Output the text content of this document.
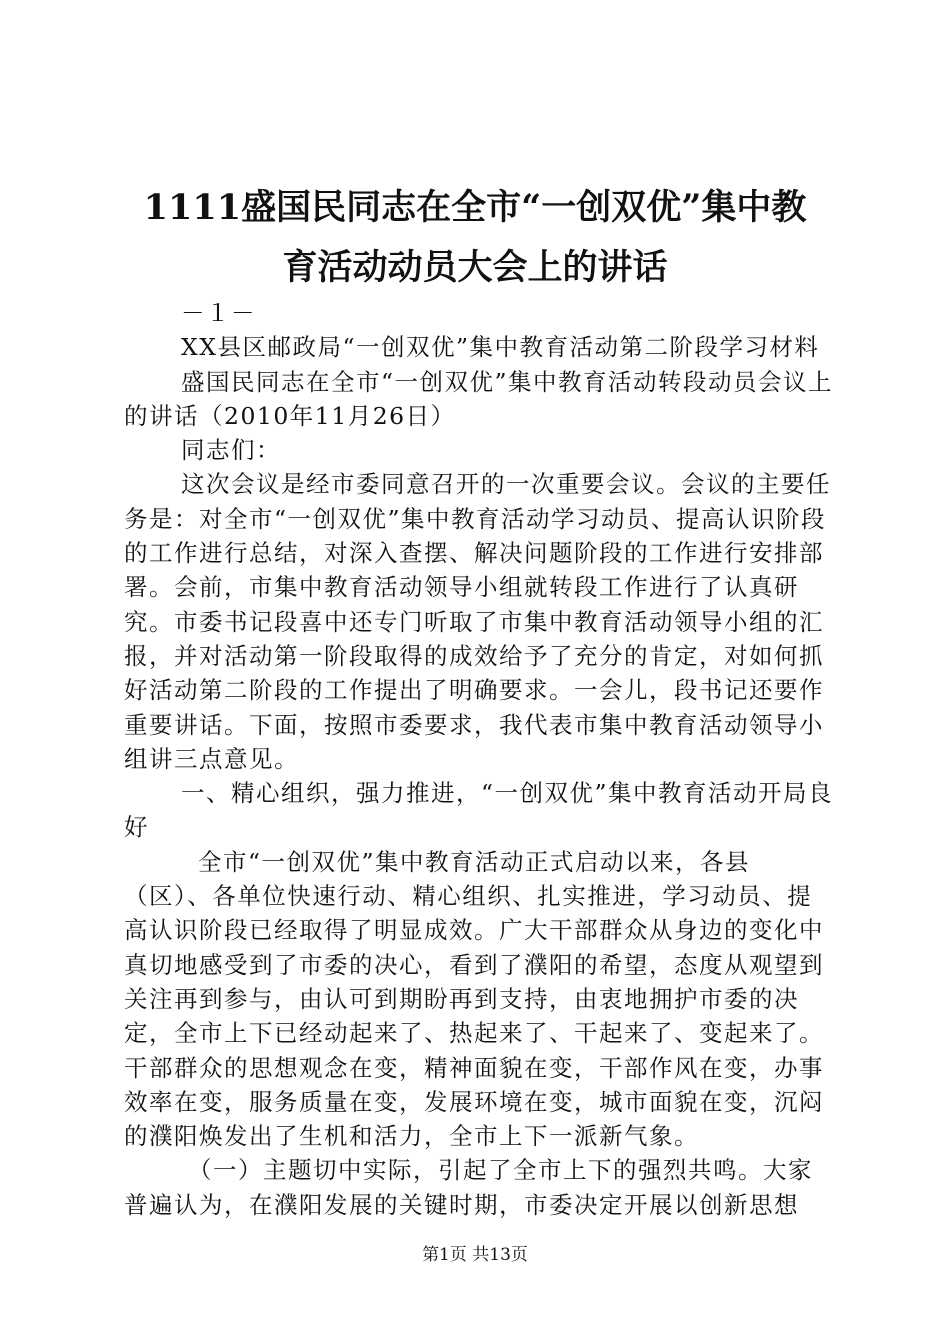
1111盛国民同志在全市“一创双优”集中教
育活动动员大会上的讲话

－１－

XX县区邮政局“一创双优”集中教育活动第二阶段学习材料

盛国民同志在全市“一创双优”集中教育活动转段动员会议上的讲话（2010年11月26日）

同志们：

这次会议是经市委同意召开的一次重要会议。会议的主要任务是：对全市“一创双优”集中教育活动学习动员、提高认识阶段的工作进行总结，对深入查摆、解决问题阶段的工作进行安排部署。会前，市集中教育活动领导小组就转段工作进行了认真研究。市委书记段喜中还专门听取了市集中教育活动领导小组的汇报，并对活动第一阶段取得的成效给予了充分的肯定，对如何抓好活动第二阶段的工作提出了明确要求。一会儿，段书记还要作重要讲话。下面，按照市委要求，我代表市集中教育活动领导小组讲三点意见。

一、精心组织，强力推进，“一创双优”集中教育活动开局良好

全市“一创双优”集中教育活动正式启动以来，各县（区）、各单位快速行动、精心组织、扎实推进，学习动员、提高认识阶段已经取得了明显成效。广大干部群众从身边的变化中真切地感受到了市委的决心，看到了濮阳的希望，态度从观望到关注再到参与，由认可到期盼再到支持，由衷地拥护市委的决定，全市上下已经动起来了、热起来了、干起来了、变起来了。干部群众的思想观念在变，精神面貌在变，干部作风在变，办事效率在变，服务质量在变，发展环境在变，城市面貌在变，沉闷的濮阳焕发出了生机和活力，全市上下一派新气象。

（一）主题切中实际，引起了全市上下的强烈共鸣。大家普遍认为，在濮阳发展的关键时期，市委决定开展以创新思想

第1页 共13页
